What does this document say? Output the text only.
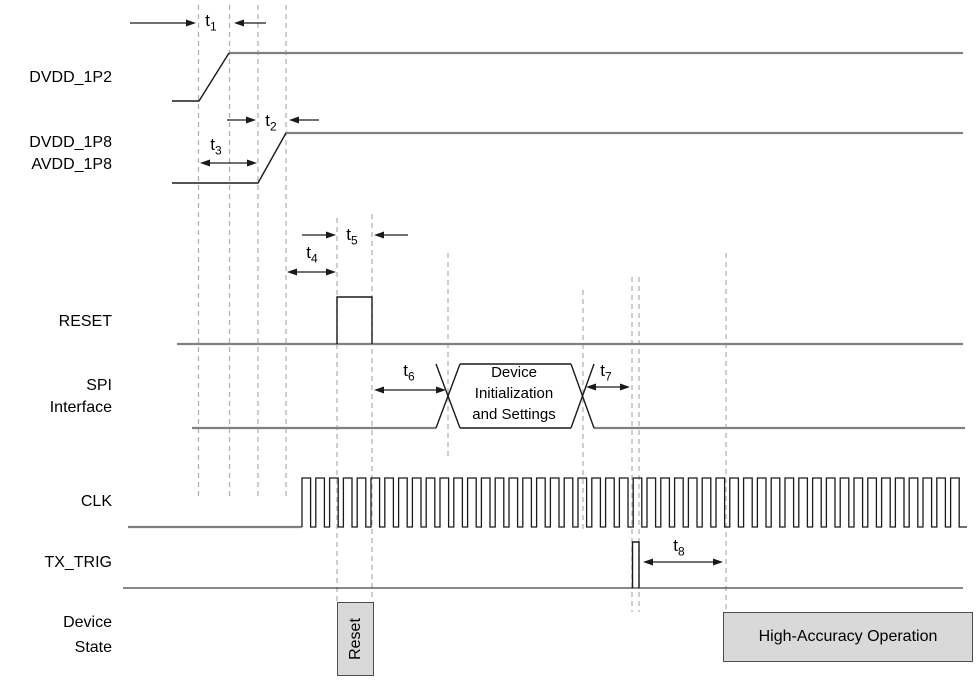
DVDD_1P2
DVDD_1P8
AVDD_1P8
RESET
SPI
Interface
CLK
TX_TRIG
Device
State
Device
Initialization
and Settings
Reset	High-Accuracy Operation
$t_1$
$t_2$
$t_3$
$t_4$
$t_5$
$t_6$	$t_7$
$t_8$
